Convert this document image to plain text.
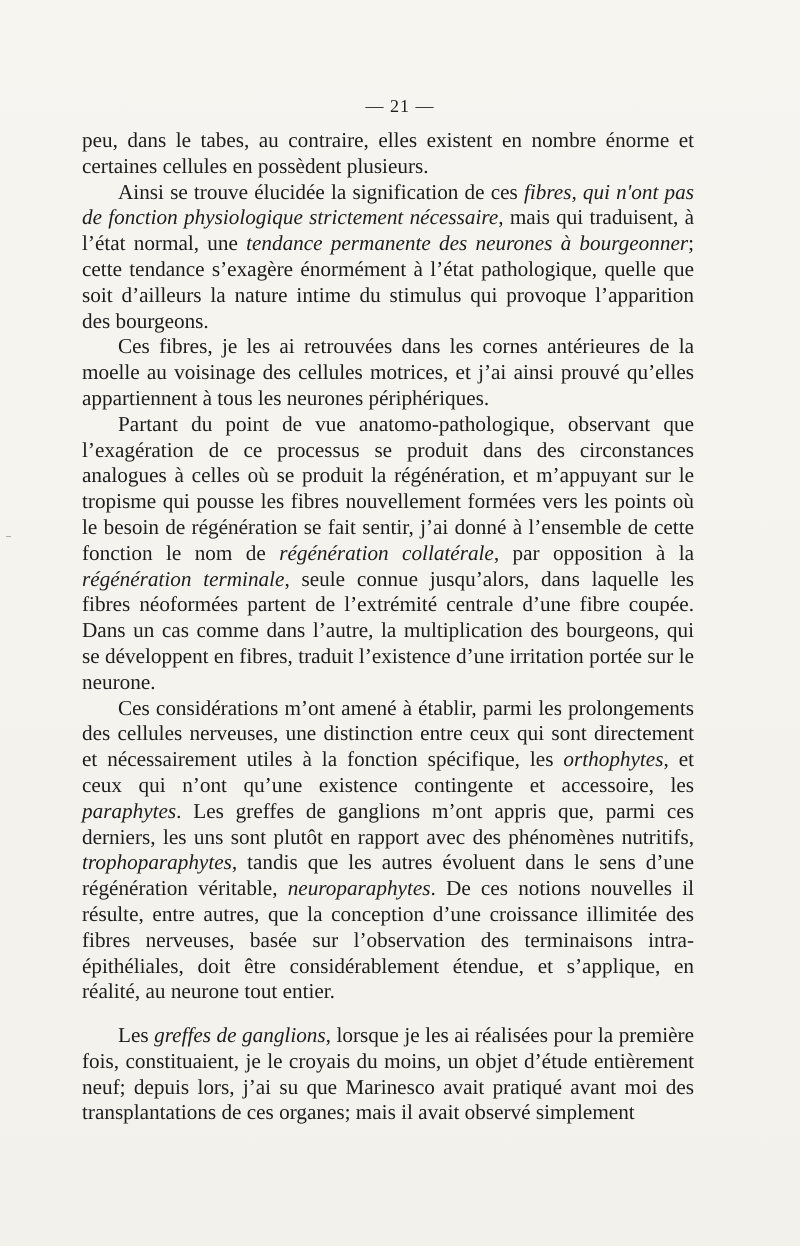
— 21 —

peu, dans le tabes, au contraire, elles existent en nombre énorme et certaines cellules en possèdent plusieurs.

Ainsi se trouve élucidée la signification de ces fibres, qui n'ont pas de fonction physiologique strictement nécessaire, mais qui traduisent, à l’état normal, une tendance permanente des neurones à bourgeonner; cette tendance s’exagère énormément à l’état pathologique, quelle que soit d’ailleurs la nature intime du stimulus qui provoque l’apparition des bourgeons.

Ces fibres, je les ai retrouvées dans les cornes antérieures de la moelle au voisinage des cellules motrices, et j’ai ainsi prouvé qu’elles appartiennent à tous les neurones périphériques.

Partant du point de vue anatomo-pathologique, observant que l’exagération de ce processus se produit dans des circonstances analogues à celles où se produit la régénération, et m’appuyant sur le tropisme qui pousse les fibres nouvellement formées vers les points où le besoin de régénération se fait sentir, j’ai donné à l’ensemble de cette fonction le nom de régénération collatérale, par opposition à la régénération terminale, seule connue jusqu’alors, dans laquelle les fibres néoformées partent de l’extrémité centrale d’une fibre coupée. Dans un cas comme dans l’autre, la multiplication des bourgeons, qui se développent en fibres, traduit l’existence d’une irritation portée sur le neurone.

Ces considérations m’ont amené à établir, parmi les prolongements des cellules nerveuses, une distinction entre ceux qui sont directement et nécessairement utiles à la fonction spécifique, les orthophytes, et ceux qui n’ont qu’une existence contingente et accessoire, les paraphytes. Les greffes de ganglions m’ont appris que, parmi ces derniers, les uns sont plutôt en rapport avec des phénomènes nutritifs, trophoparaphytes, tandis que les autres évoluent dans le sens d’une régénération véritable, neuroparaphytes. De ces notions nouvelles il résulte, entre autres, que la conception d’une croissance illimitée des fibres nerveuses, basée sur l’observation des terminaisons intra-épithéliales, doit être considérablement étendue, et s’applique, en réalité, au neurone tout entier.

Les greffes de ganglions, lorsque je les ai réalisées pour la première fois, constituaient, je le croyais du moins, un objet d’étude entièrement neuf; depuis lors, j’ai su que Marinesco avait pratiqué avant moi des transplantations de ces organes; mais il avait observé simplement
